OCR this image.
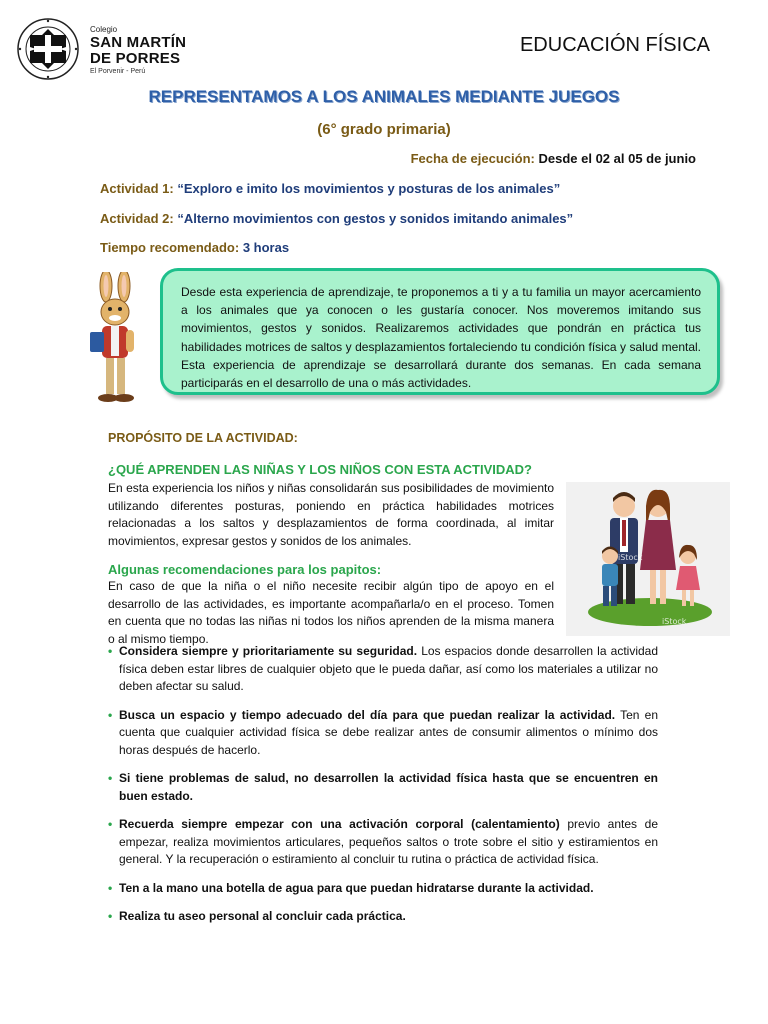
Colegio
SAN MARTÍN
DE PORRES
El Porvenir - Perú
EDUCACIÓN FÍSICA
REPRESENTAMOS A LOS ANIMALES MEDIANTE JUEGOS
(6° grado primaria)
Fecha de ejecución: Desde el 02 al 05 de junio
Actividad 1: “Exploro e imito los movimientos y posturas de los animales”
Actividad 2: “Alterno movimientos con gestos y sonidos imitando animales”
Tiempo recomendado: 3 horas
Desde esta experiencia de aprendizaje, te proponemos a ti y a tu familia un mayor acercamiento a los animales que ya conocen o les gustaría conocer. Nos moveremos imitando sus movimientos, gestos y sonidos. Realizaremos actividades que pondrán en práctica tus habilidades motrices de saltos y desplazamientos fortaleciendo tu condición física y salud mental. Esta experiencia de aprendizaje se desarrollará durante dos semanas. En cada semana participarás en el desarrollo de una o más actividades.
PROPÓSITO DE LA ACTIVIDAD:
¿QUÉ APRENDEN LAS NIÑAS Y LOS NIÑOS CON ESTA ACTIVIDAD?
En esta experiencia los niños y niñas consolidarán sus posibilidades de movimiento utilizando diferentes posturas, poniendo en práctica habilidades motrices relacionadas a los saltos y desplazamientos de forma coordinada, al imitar movimientos, expresar gestos y sonidos de los animales.
Algunas recomendaciones para los papitos:
En caso de que la niña o el niño necesite recibir algún tipo de apoyo en el desarrollo de las actividades, es importante acompañarla/o en el proceso. Tomen en cuenta que no todas las niñas ni todos los niños aprenden de la misma manera o al mismo tiempo.
iStock
iStock
• Considera siempre y prioritariamente su seguridad. Los espacios donde desarrollen la actividad física deben estar libres de cualquier objeto que le pueda dañar, así como los materiales a utilizar no deben afectar su salud.
• Busca un espacio y tiempo adecuado del día para que puedan realizar la actividad. Ten en cuenta que cualquier actividad física se debe realizar antes de consumir alimentos o mínimo dos horas después de hacerlo.
• Si tiene problemas de salud, no desarrollen la actividad física hasta que se encuentren en buen estado.
• Recuerda siempre empezar con una activación corporal (calentamiento) previo antes de empezar, realiza movimientos articulares, pequeños saltos o trote sobre el sitio y estiramientos en general. Y la recuperación o estiramiento al concluir tu rutina o práctica de actividad física.
• Ten a la mano una botella de agua para que puedan hidratarse durante la actividad.
• Realiza tu aseo personal al concluir cada práctica.
